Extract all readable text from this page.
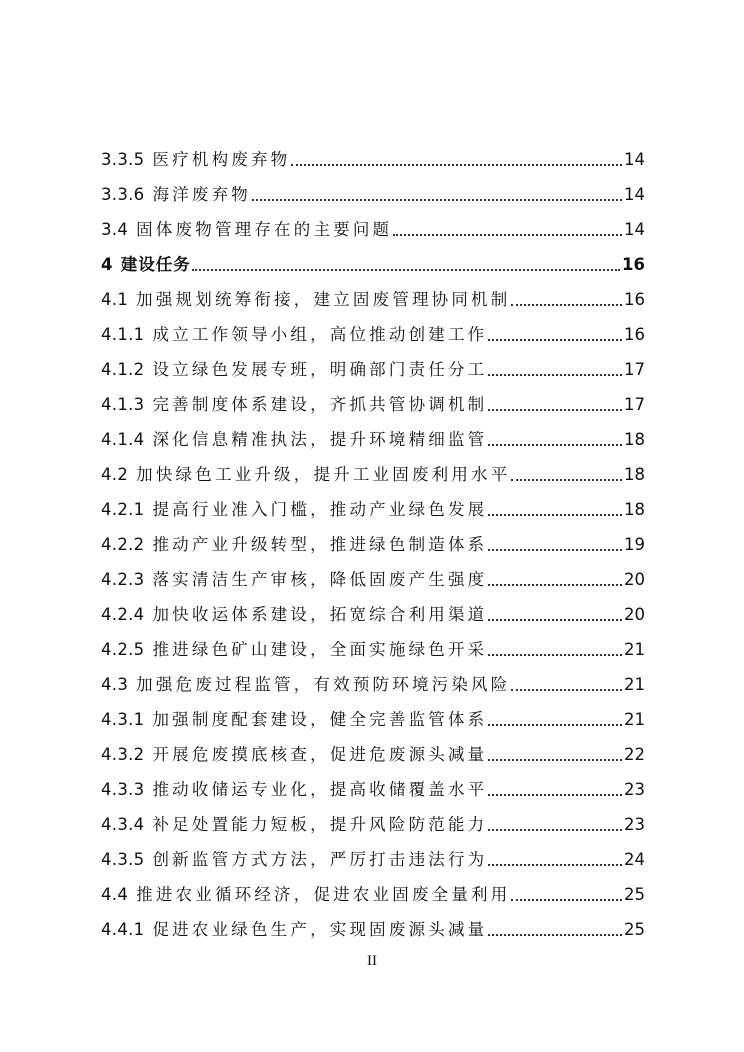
3.3.5 医疗机构废弃物	14
3.3.6 海洋废弃物	14
3.4 固体废物管理存在的主要问题	14
4 建设任务	16
4.1 加强规划统筹衔接，建立固废管理协同机制	16
4.1.1 成立工作领导小组，高位推动创建工作	16
4.1.2 设立绿色发展专班，明确部门责任分工	17
4.1.3 完善制度体系建设，齐抓共管协调机制	17
4.1.4 深化信息精准执法，提升环境精细监管	18
4.2 加快绿色工业升级，提升工业固废利用水平	18
4.2.1 提高行业准入门槛，推动产业绿色发展	18
4.2.2 推动产业升级转型，推进绿色制造体系	19
4.2.3 落实清洁生产审核，降低固废产生强度	20
4.2.4 加快收运体系建设，拓宽综合利用渠道	20
4.2.5 推进绿色矿山建设，全面实施绿色开采	21
4.3 加强危废过程监管，有效预防环境污染风险	21
4.3.1 加强制度配套建设，健全完善监管体系	21
4.3.2 开展危废摸底核查，促进危废源头减量	22
4.3.3 推动收储运专业化，提高收储覆盖水平	23
4.3.4 补足处置能力短板，提升风险防范能力	23
4.3.5 创新监管方式方法，严厉打击违法行为	24
4.4 推进农业循环经济，促进农业固废全量利用	25
4.4.1 促进农业绿色生产，实现固废源头减量	25
II
